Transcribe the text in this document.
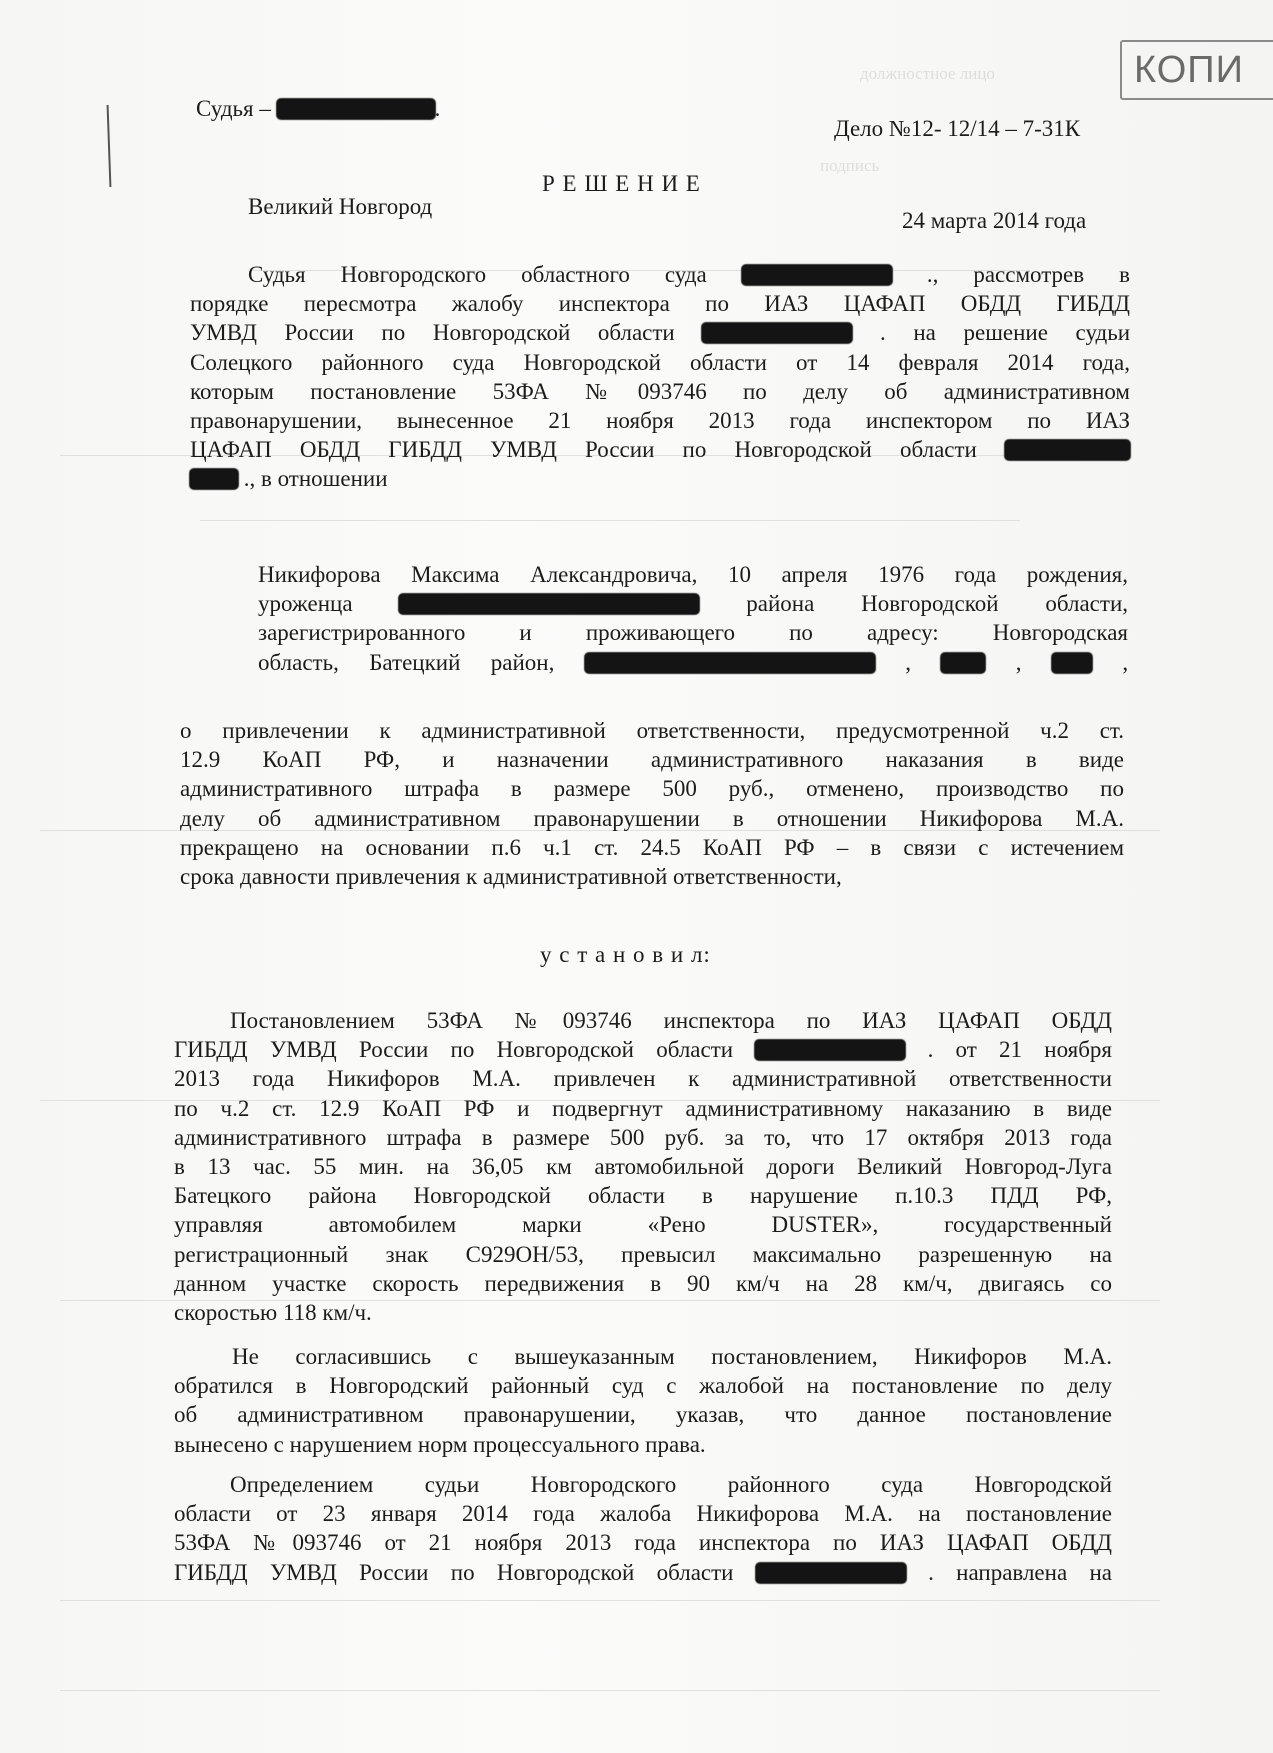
должностное лицо
подпись
КОПИ
Судья –	.
Дело №12- 12/14 – 7-31К
Р Е Ш Е Н И Е
Великий Новгород
24 марта 2014 года
Судья Новгородского областного суда	., рассмотрев в
порядке пересмотра жалобу инспектора по ИАЗ ЦАФАП ОБДД ГИБДД
УМВД России по Новгородской области	. на решение судьи
Солецкого районного суда Новгородской области от 14 февраля 2014 года,
которым постановление 53ФА №093746 по делу об административном
правонарушении, вынесенное 21 ноября 2013 года инспектором по ИАЗ
ЦАФАП ОБДД ГИБДД УМВД России по Новгородской области
., в отношении
Никифорова Максима Александровича, 10 апреля 1976 года рождения,
уроженца	района Новгородской области,
зарегистрированного и проживающего по адресу: Новгородская
область, Батецкий район,	,	,	,
о привлечении к административной ответственности, предусмотренной ч.2 ст.
12.9 КоАП РФ, и назначении административного наказания в виде
административного штрафа в размере 500 руб., отменено, производство по
делу об административном правонарушении в отношении Никифорова М.А.
прекращено на основании п.6 ч.1 ст. 24.5 КоАП РФ – в связи с истечением
срока давности привлечения к административной ответственности,
у с т а н о в и л:
Постановлением 53ФА №093746 инспектора по ИАЗ ЦАФАП ОБДД
ГИБДД УМВД России по Новгородской области	. от 21 ноября
2013 года Никифоров М.А. привлечен к административной ответственности
по ч.2 ст. 12.9 КоАП РФ и подвергнут административному наказанию в виде
административного штрафа в размере 500 руб. за то, что 17 октября 2013 года
в 13 час. 55 мин. на 36,05 км автомобильной дороги Великий Новгород-Луга
Батецкого района Новгородской области в нарушение п.10.3 ПДД РФ,
управляя автомобилем марки «Рено DUSTER», государственный
регистрационный знак С929ОН/53, превысил максимально разрешенную на
данном участке скорость передвижения в 90 км/ч на 28 км/ч, двигаясь со
скоростью 118 км/ч.
Не согласившись с вышеуказанным постановлением, Никифоров М.А.
обратился в Новгородский районный суд с жалобой на постановление по делу
об административном правонарушении, указав, что данное постановление
вынесено с нарушением норм процессуального права.
Определением судьи Новгородского районного суда Новгородской
области от 23 января 2014 года жалоба Никифорова М.А. на постановление
53ФА №093746 от 21 ноября 2013 года инспектора по ИАЗ ЦАФАП ОБДД
ГИБДД УМВД России по Новгородской области	. направлена на
